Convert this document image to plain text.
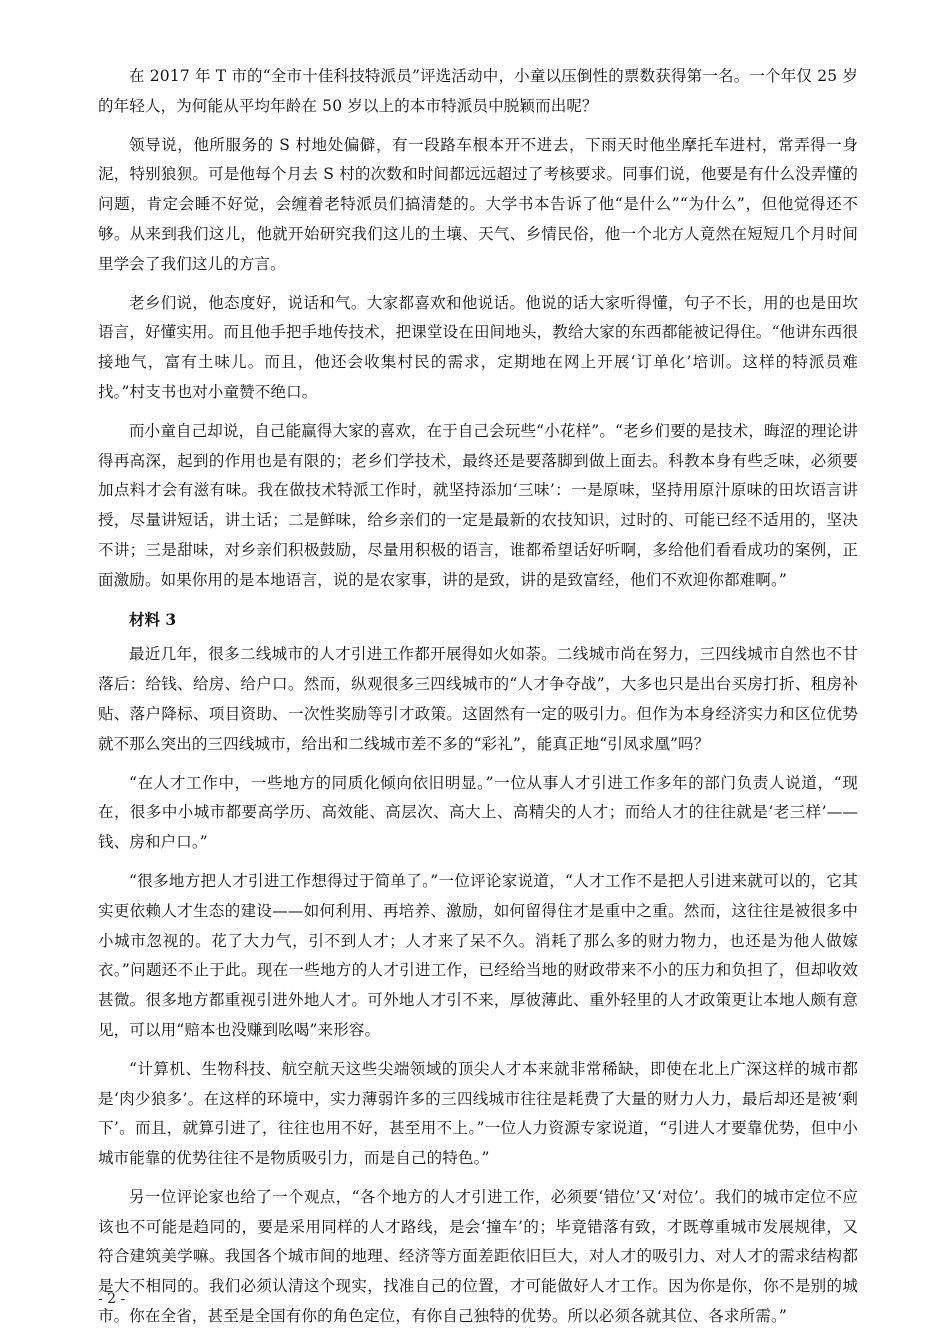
在 2017 年 T 市的“全市十佳科技特派员”评选活动中，小童以压倒性的票数获得第一名。一个年仅 25 岁的年轻人，为何能从平均年龄在 50 岁以上的本市特派员中脱颖而出呢？

领导说，他所服务的 S 村地处偏僻，有一段路车根本开不进去，下雨天时他坐摩托车进村，常弄得一身泥，特别狼狈。可是他每个月去 S 村的次数和时间都远远超过了考核要求。同事们说，他要是有什么没弄懂的问题，肯定会睡不好觉，会缠着老特派员们搞清楚的。大学书本告诉了他“是什么”“为什么”，但他觉得还不够。从来到我们这儿，他就开始研究我们这儿的土壤、天气、乡情民俗，他一个北方人竟然在短短几个月时间里学会了我们这儿的方言。

老乡们说，他态度好，说话和气。大家都喜欢和他说话。他说的话大家听得懂，句子不长，用的也是田坎语言，好懂实用。而且他手把手地传技术，把课堂设在田间地头，教给大家的东西都能被记得住。“他讲东西很接地气，富有土味儿。而且，他还会收集村民的需求，定期地在网上开展‘订单化’培训。这样的特派员难找。”村支书也对小童赞不绝口。

而小童自己却说，自己能赢得大家的喜欢，在于自己会玩些“小花样”。“老乡们要的是技术，晦涩的理论讲得再高深，起到的作用也是有限的；老乡们学技术，最终还是要落脚到做上面去。科教本身有些乏味，必须要加点料才会有滋有味。我在做技术特派工作时，就坚持添加‘三味’：一是原味，坚持用原汁原味的田坎语言讲授，尽量讲短话，讲土话；二是鲜味，给乡亲们的一定是最新的农技知识，过时的、可能已经不适用的，坚决不讲；三是甜味，对乡亲们积极鼓励，尽量用积极的语言，谁都希望话好听啊，多给他们看看成功的案例，正面激励。如果你用的是本地语言，说的是农家事，讲的是致，讲的是致富经，他们不欢迎你都难啊。”

材料 3

最近几年，很多二线城市的人才引进工作都开展得如火如荼。二线城市尚在努力，三四线城市自然也不甘落后：给钱、给房、给户口。然而，纵观很多三四线城市的“人才争夺战”，大多也只是出台买房打折、租房补贴、落户降标、项目资助、一次性奖励等引才政策。这固然有一定的吸引力。但作为本身经济实力和区位优势就不那么突出的三四线城市，给出和二线城市差不多的“彩礼”，能真正地“引凤求凰”吗？

“在人才工作中，一些地方的同质化倾向依旧明显。”一位从事人才引进工作多年的部门负责人说道，“现在，很多中小城市都要高学历、高效能、高层次、高大上、高精尖的人才；而给人才的往往就是‘老三样’——钱、房和户口。”

“很多地方把人才引进工作想得过于简单了。”一位评论家说道，“人才工作不是把人引进来就可以的，它其实更依赖人才生态的建设——如何利用、再培养、激励，如何留得住才是重中之重。然而，这往往是被很多中小城市忽视的。花了大力气，引不到人才；人才来了呆不久。消耗了那么多的财力物力，也还是为他人做嫁衣。”问题还不止于此。现在一些地方的人才引进工作，已经给当地的财政带来不小的压力和负担了，但却收效甚微。很多地方都重视引进外地人才。可外地人才引不来，厚彼薄此、重外轻里的人才政策更让本地人颇有意见，可以用“赔本也没赚到吆喝”来形容。

“计算机、生物科技、航空航天这些尖端领域的顶尖人才本来就非常稀缺，即使在北上广深这样的城市都是‘肉少狼多’。在这样的环境中，实力薄弱许多的三四线城市往往是耗费了大量的财力人力，最后却还是被‘剩下’。而且，就算引进了，往往也用不好，甚至用不上。”一位人力资源专家说道，“引进人才要靠优势，但中小城市能靠的优势往往不是物质吸引力，而是自己的特色。”

另一位评论家也给了一个观点，“各个地方的人才引进工作，必须要‘错位’又‘对位’。我们的城市定位不应该也不可能是趋同的，要是采用同样的人才路线，是会‘撞车’的；毕竟错落有致，才既尊重城市发展规律，又符合建筑美学嘛。我国各个城市间的地理、经济等方面差距依旧巨大，对人才的吸引力、对人才的需求结构都是大不相同的。我们必须认清这个现实，找准自己的位置，才可能做好人才工作。因为你是你，你不是别的城市。你在全省，甚至是全国有你的角色定位，有你自己独特的优势。所以必须各就其位、各求所需。”

- 2 -
